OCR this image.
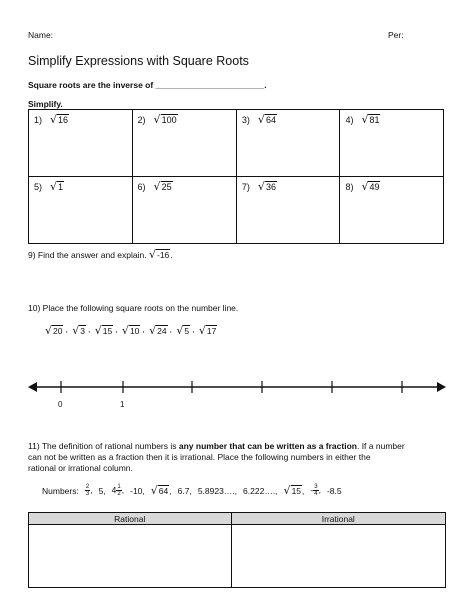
Name:	Per:
Simplify Expressions with Square Roots
Square roots are the inverse of _______________________.
Simplify.
1) √16	2) √100	3) √64	4) √81

5) √1	6) √25	7) √36	8) √49
9) Find the answer and explain. √-16.
10) Place the following square roots on the number line.
√20 , √3 , √15 , √10 , √24 , √5 , √17
0	1
11) The definition of rational numbers is any number that can be written as a fraction. If a number
can not be written as a fraction then it is irrational. Place the following numbers in either the
rational or irrational column.
Numbers: $\frac{2}{3}$ , 5, $4 \frac{1}{2}$ , -10, √64, 6.7, 5.8923…., 6.222…., √15, - $\frac{3}{4}$ , -8.5
Rational	Irrational
